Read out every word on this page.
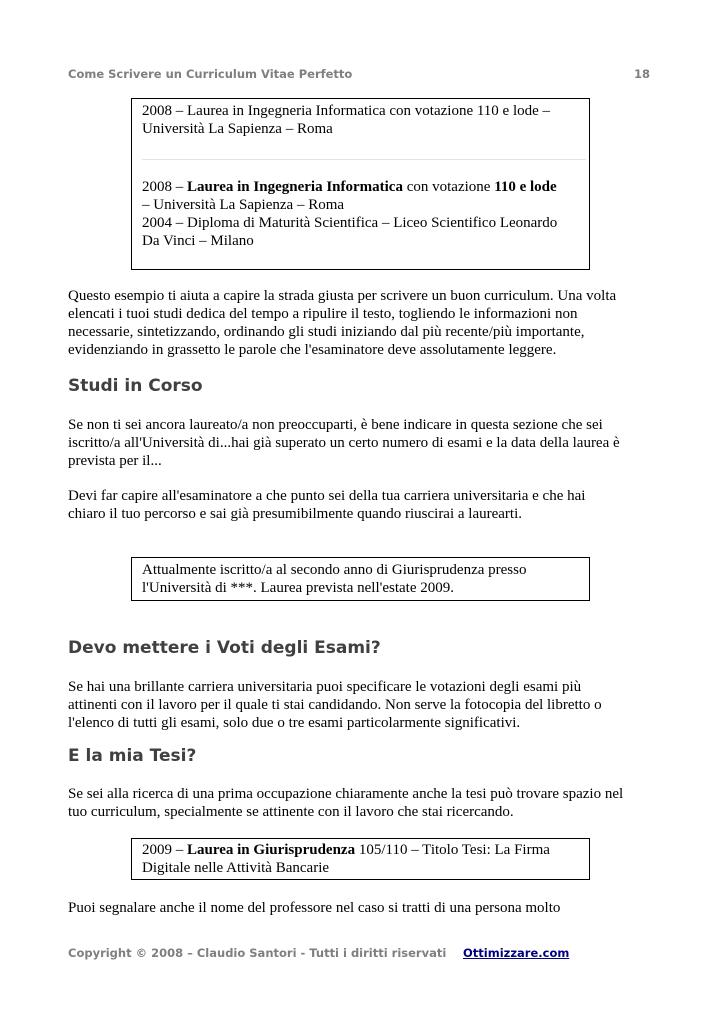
Come Scrivere un Curriculum Vitae Perfetto	18
2008 – Laurea in Ingegneria Informatica con votazione 110 e lode –
Università La Sapienza – Roma
2008 – Laurea in Ingegneria Informatica con votazione 110 e lode
– Università La Sapienza – Roma
2004 – Diploma di Maturità Scientifica – Liceo Scientifico Leonardo
Da Vinci – Milano
Questo esempio ti aiuta a capire la strada giusta per scrivere un buon curriculum. Una volta
elencati i tuoi studi dedica del tempo a ripulire il testo, togliendo le informazioni non
necessarie, sintetizzando, ordinando gli studi iniziando dal più recente/più importante,
evidenziando in grassetto le parole che l'esaminatore deve assolutamente leggere.
Studi in Corso
Se non ti sei ancora laureato/a non preoccuparti, è bene indicare in questa sezione che sei
iscritto/a all'Università di...hai già superato un certo numero di esami e la data della laurea è
prevista per il...
Devi far capire all'esaminatore a che punto sei della tua carriera universitaria e che hai
chiaro il tuo percorso e sai già presumibilmente quando riuscirai a laurearti.
Attualmente iscritto/a al secondo anno di Giurisprudenza presso
l'Università di ***. Laurea prevista nell'estate 2009.
Devo mettere i Voti degli Esami?
Se hai una brillante carriera universitaria puoi specificare le votazioni degli esami più
attinenti con il lavoro per il quale ti stai candidando. Non serve la fotocopia del libretto o
l'elenco di tutti gli esami, solo due o tre esami particolarmente significativi.
E la mia Tesi?
Se sei alla ricerca di una prima occupazione chiaramente anche la tesi può trovare spazio nel
tuo curriculum, specialmente se attinente con il lavoro che stai ricercando.
2009 – Laurea in Giurisprudenza 105/110 – Titolo Tesi: La Firma
Digitale nelle Attività Bancarie
Puoi segnalare anche il nome del professore nel caso si tratti di una persona molto
Copyright © 2008 – Claudio Santori - Tutti i diritti riservati Ottimizzare.com
